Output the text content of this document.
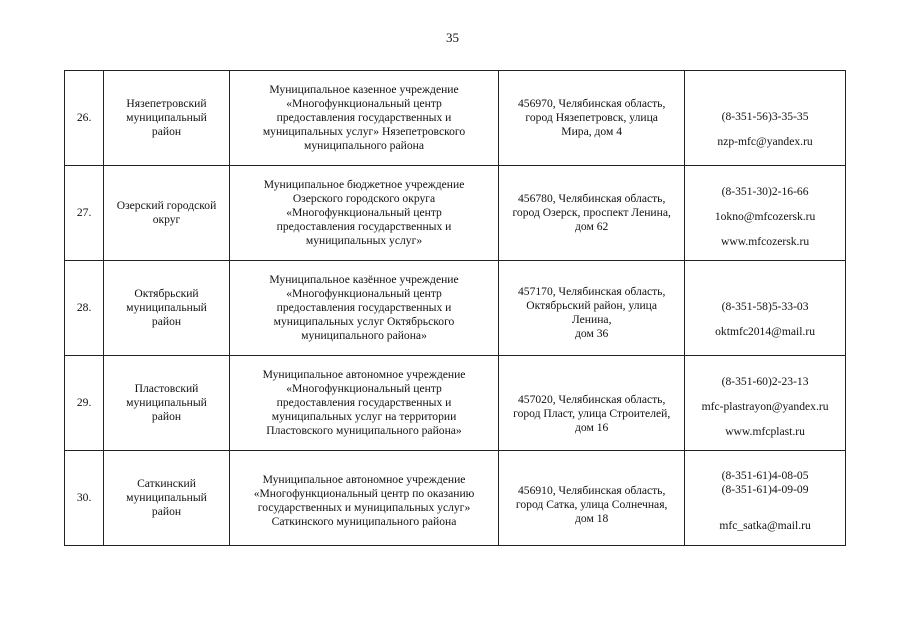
35
26.	Нязепетровский
муниципальный
район	Муниципальное казенное учреждение
«Многофункциональный центр
предоставления государственных и
муниципальных услуг» Нязепетровского
муниципального района	456970, Челябинская область,
город Нязепетровск, улица
Мира, дом 4	(8-351-56)3-35-35
nzp-mfc@yandex.ru

27.	Озерский городской
округ	Муниципальное бюджетное учреждение
Озерского городского округа
«Многофункциональный центр
предоставления государственных и
муниципальных услуг»	456780, Челябинская область,
город Озерск, проспект Ленина,
дом 62	(8-351-30)2-16-66
1okno@mfcozersk.ru
www.mfcozersk.ru

28.	Октябрьский
муниципальный
район	Муниципальное казённое учреждение
«Многофункциональный центр
предоставления государственных и
муниципальных услуг Октябрьского
муниципального района»	457170, Челябинская область,
Октябрьский район, улица
Ленина,
дом 36	(8-351-58)5-33-03
oktmfc2014@mail.ru

29.	Пластовский
муниципальный
район	Муниципальное автономное учреждение
«Многофункциональный центр
предоставления государственных и
муниципальных услуг на территории
Пластовского муниципального района»	457020, Челябинская область,
город Пласт, улица Строителей,
дом 16	(8-351-60)2-23-13
mfc-plastrayon@yandex.ru
www.mfcplast.ru

30.	Саткинский
муниципальный
район	Муниципальное автономное учреждение
«Многофункциональный центр по оказанию
государственных и муниципальных услуг»
Саткинского муниципального района	456910, Челябинская область,
город Сатка, улица Солнечная,
дом 18	(8-351-61)4-08-05
(8-351-61)4-09-09
mfc_satka@mail.ru
